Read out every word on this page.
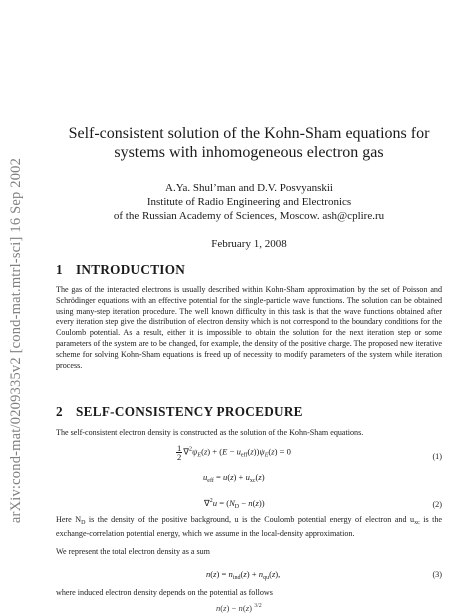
arXiv:cond-mat/0209335v2 [cond-mat.mtrl-sci] 16 Sep 2002
Self-consistent solution of the Kohn-Sham equations for
systems with inhomogeneous electron gas
A.Ya. Shul’man and D.V. Posvyanskii
Institute of Radio Engineering and Electronics
of the Russian Academy of Sciences, Moscow. ash@cplire.ru
February 1, 2008
1 INTRODUCTION
The gas of the interacted electrons is usually described within Kohn-Sham approximation by the set of Poisson and Schrödinger equations with an effective potential for the single-particle wave functions. The solution can be obtained using many-step iteration procedure. The well known difficulty in this task is that the wave functions obtained after every iteration step give the distribution of electron density which is not correspond to the boundary conditions for the Coulomb potential. As a result, either it is impossible to obtain the solution for the next iteration step or some parameters of the system are to be changed, for example, the density of the positive charge. The proposed new iterative scheme for solving Kohn-Sham equations is freed up of necessity to modify parameters of the system while iteration process.
2 SELF-CONSISTENCY PROCEDURE
The self-consistent electron density is constructed as the solution of the Kohn-Sham equations.
$\frac{1}{2} \nabla^2\psi_E(z) + (E - u_{eff}(z))\psi_E(z) = 0$
(1)
$u_{eff} = u(z) + u_{xc}(z)$
$\nabla^2u = (N_D - n(z))$	(2)
Here $N_D$ is the density of the positive background, u is the Coulomb potential energy of electron and $u_{xc}$ is the exchange-correlation potential energy, which we assume in the local-density approximation.
We represent the total electron density as a sum
$n(z) = n_{ind}(z) + n_{qu}(z)$,	(3)
where induced electron density depends on the potential as follows
n(z) − n(z) $^{3/2}$
